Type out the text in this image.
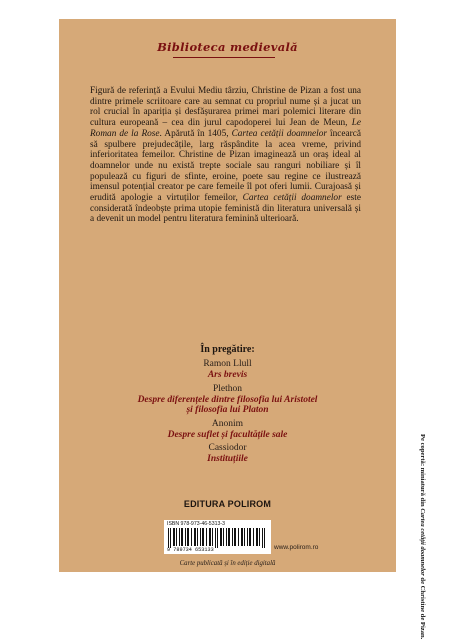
Biblioteca medievală

Figură de referință a Evului Mediu târziu, Christine de Pizan a fost una dintre primele scriitoare care au semnat cu propriul nume și a jucat un rol crucial în apariția și desfășurarea primei mari polemici literare din cultura europeană – cea din jurul capodoperei lui Jean de Meun, Le Roman de la Rose. Apărută în 1405, Cartea cetății doamnelor încearcă să spulbere prejudecățile, larg răspândite la acea vreme, privind inferioritatea femeilor. Christine de Pizan imaginează un oraș ideal al doamnelor unde nu există trepte sociale sau ranguri nobiliare și îl populează cu figuri de sfinte, eroine, poete sau regine ce ilustrează imensul potențial creator pe care femeile îl pot oferi lumii. Curajoasă și erudită apologie a virtuților femeilor, Cartea cetății doamnelor este considerată îndeobște prima utopie feministă din literatura universală și a devenit un model pentru literatura feminină ulterioară.

În pregătire:
Ramon Llull
Ars brevis
Plethon
Despre diferențele dintre filosofia lui Aristotel
și filosofia lui Platon
Anonim
Despre suflet și facultățile sale
Cassiodor
Instituțiile
EDITURA POLIROM
ISBN 978-973-46-5313-3
9 789734 653133	www.polirom.ro
Carte publicată și în ediție digitală
Pe copertă: miniatură din Cartea cetății doamnelor de Christine de Pizan.
